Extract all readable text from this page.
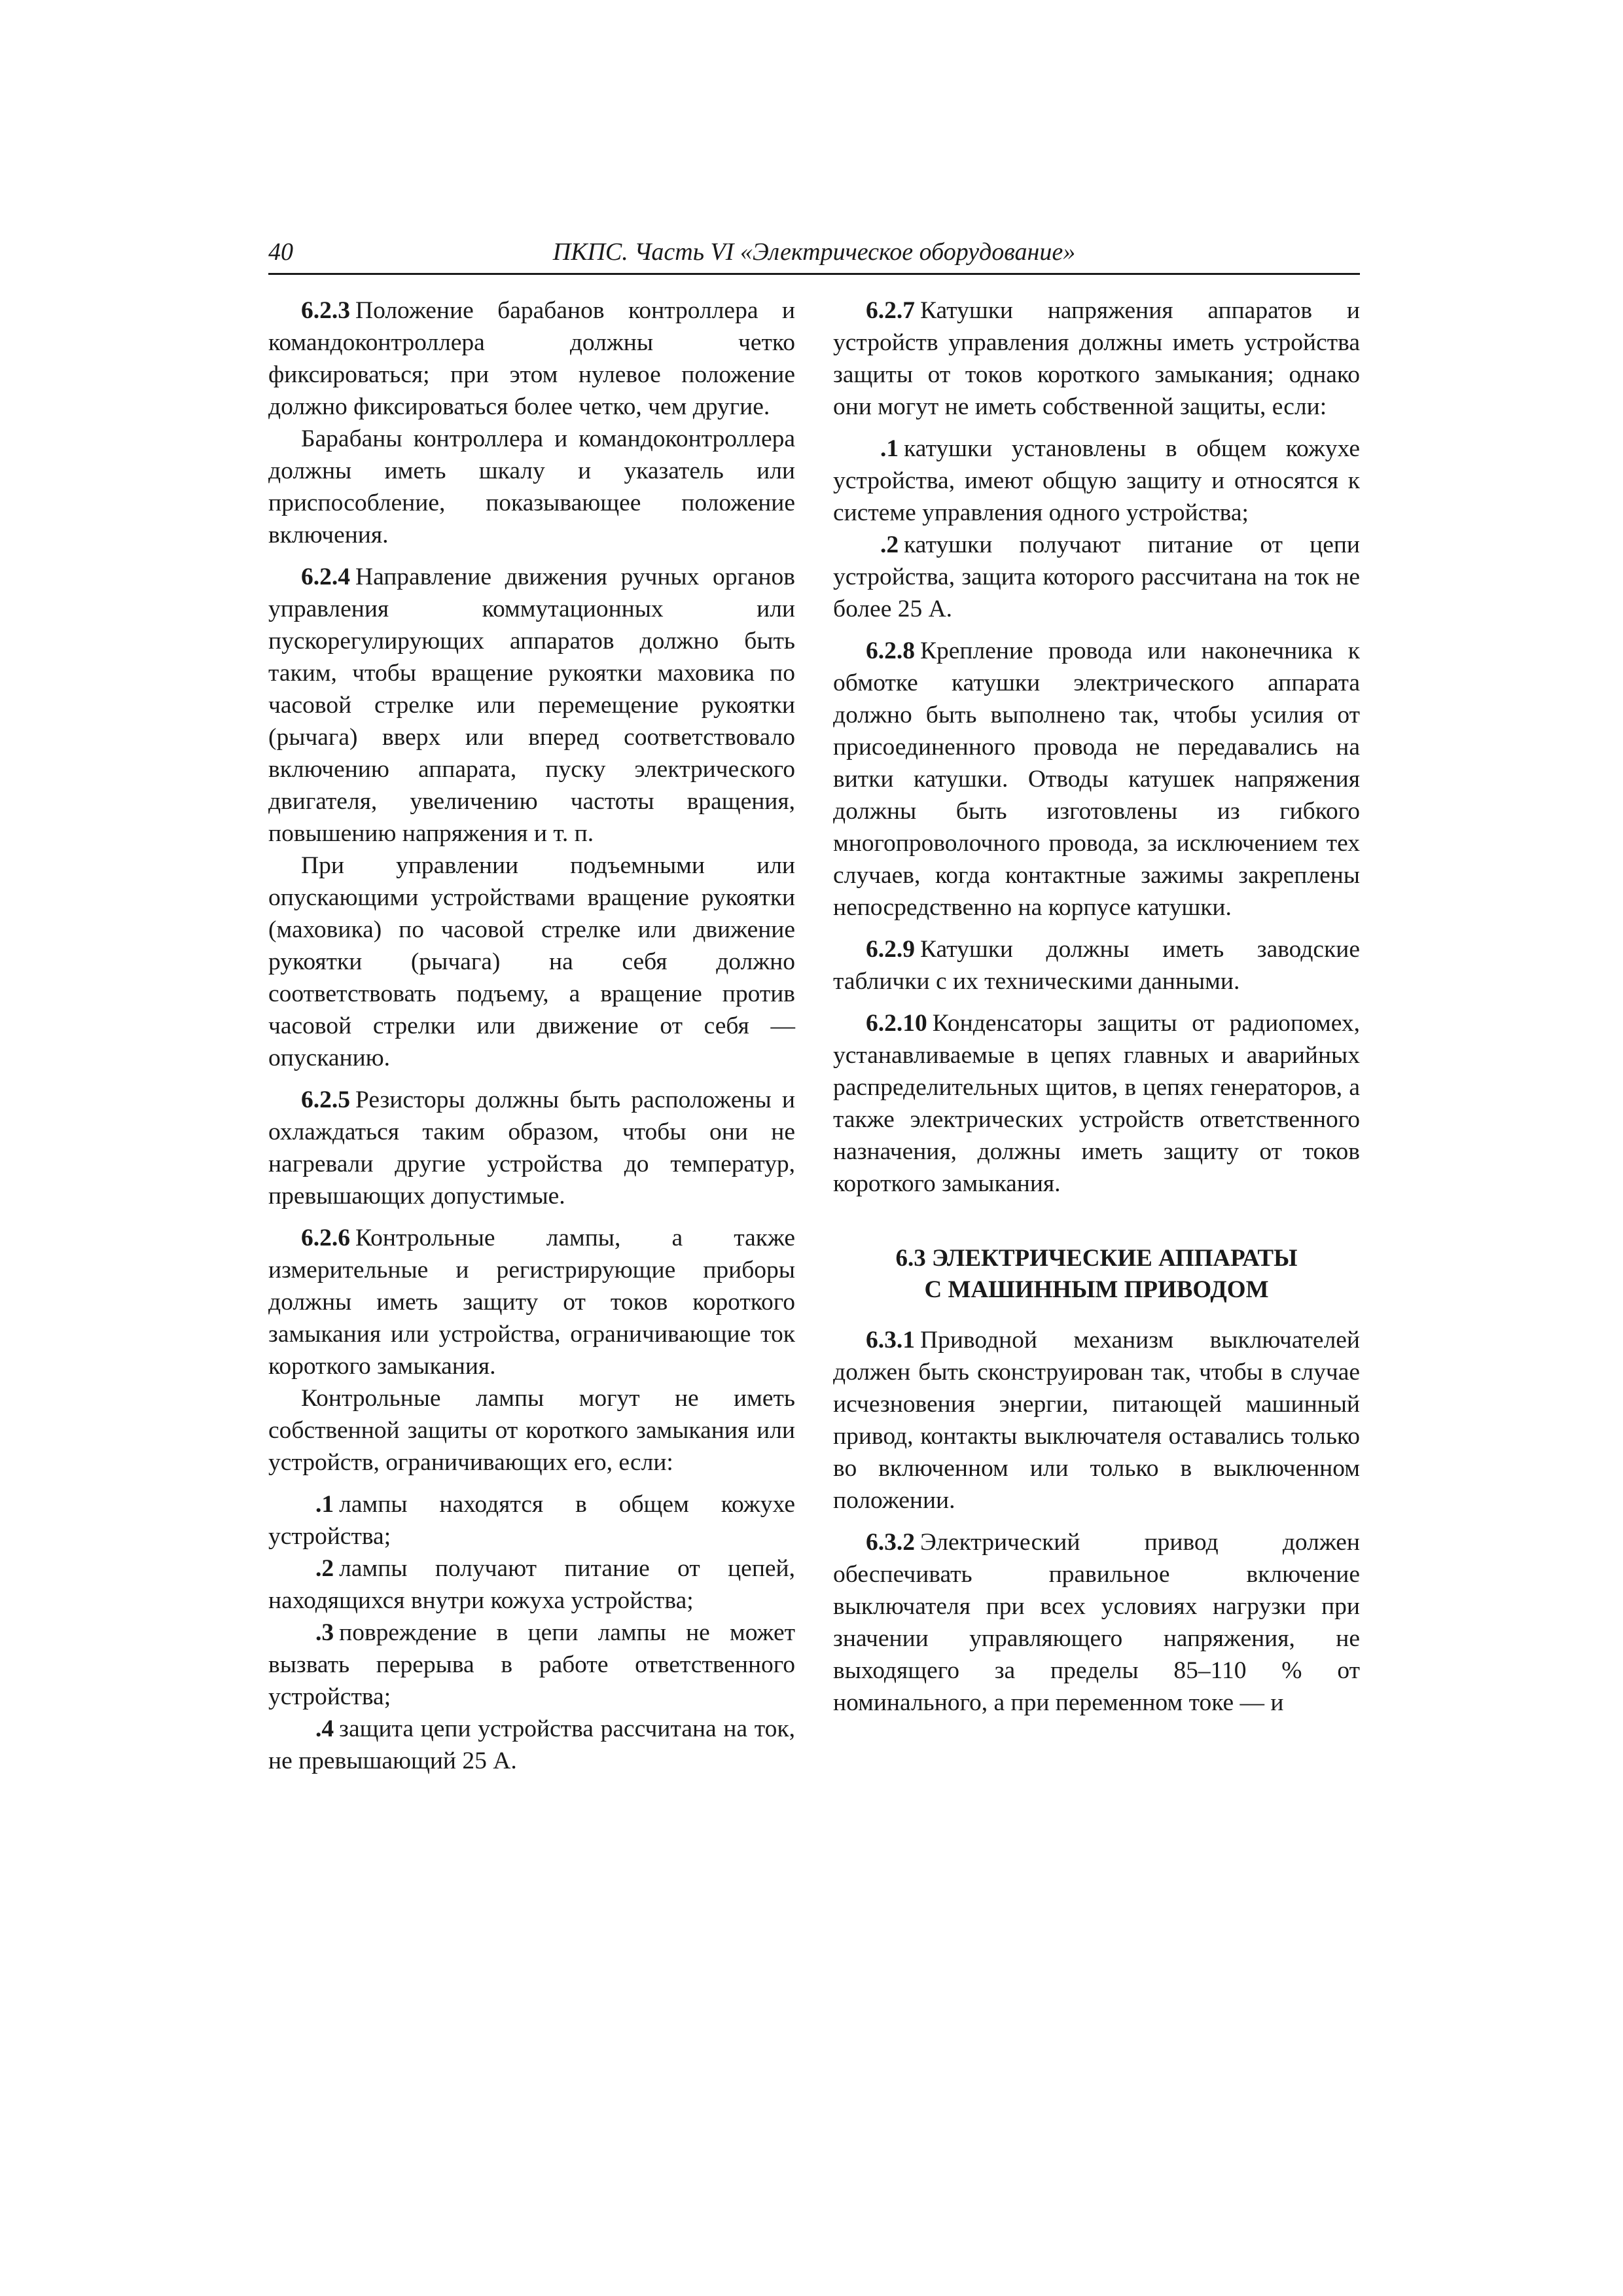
40	ПКПС. Часть VI «Электрическое оборудование»

6.2.3 Положение барабанов контроллера и командоконтроллера должны четко фиксироваться; при этом нулевое положение должно фиксироваться более четко, чем другие.

Барабаны контроллера и командоконтроллера должны иметь шкалу и указатель или приспособление, показывающее положение включения.

6.2.4 Направление движения ручных органов управления коммутационных или пускорегулирующих аппаратов должно быть таким, чтобы вращение рукоятки маховика по часовой стрелке или перемещение рукоятки (рычага) вверх или вперед соответствовало включению аппарата, пуску электрического двигателя, увеличению частоты вращения, повышению напряжения и т. п.

При управлении подъемными или опускающими устройствами вращение рукоятки (маховика) по часовой стрелке или движение рукоятки (рычага) на себя должно соответствовать подъему, а вращение против часовой стрелки или движение от себя — опусканию.

6.2.5 Резисторы должны быть расположены и охлаждаться таким образом, чтобы они не нагревали другие устройства до температур, превышающих допустимые.

6.2.6 Контрольные лампы, а также измерительные и регистрирующие приборы должны иметь защиту от токов короткого замыкания или устройства, ограничивающие ток короткого замыкания.

Контрольные лампы могут не иметь собственной защиты от короткого замыкания или устройств, ограничивающих его, если:

.1 лампы находятся в общем кожухе устройства;

.2 лампы получают питание от цепей, находящихся внутри кожуха устройства;

.3 повреждение в цепи лампы не может вызвать перерыва в работе ответственного устройства;

.4 защита цепи устройства рассчитана на ток, не превышающий 25 А.

6.2.7 Катушки напряжения аппаратов и устройств управления должны иметь устройства защиты от токов короткого замыкания; однако они могут не иметь собственной защиты, если:

.1 катушки установлены в общем кожухе устройства, имеют общую защиту и относятся к системе управления одного устройства;

.2 катушки получают питание от цепи устройства, защита которого рассчитана на ток не более 25 А.

6.2.8 Крепление провода или наконечника к обмотке катушки электрического аппарата должно быть выполнено так, чтобы усилия от присоединенного провода не передавались на витки катушки. Отводы катушек напряжения должны быть изготовлены из гибкого многопроволочного провода, за исключением тех случаев, когда контактные зажимы закреплены непосредственно на корпусе катушки.

6.2.9 Катушки должны иметь заводские таблички с их техническими данными.

6.2.10 Конденсаторы защиты от радиопомех, устанавливаемые в цепях главных и аварийных распределительных щитов, в цепях генераторов, а также электрических устройств ответственного назначения, должны иметь защиту от токов короткого замыкания.

6.3 ЭЛЕКТРИЧЕСКИЕ АППАРАТЫ
С МАШИННЫМ ПРИВОДОМ

6.3.1 Приводной механизм выключателей должен быть сконструирован так, чтобы в случае исчезновения энергии, питающей машинный привод, контакты выключателя оставались только во включенном или только в выключенном положении.

6.3.2 Электрический привод должен обеспечивать правильное включение выключателя при всех условиях нагрузки при значении управляющего напряжения, не выходящего за пределы 85–110 % от номинального, а при переменном токе — и
